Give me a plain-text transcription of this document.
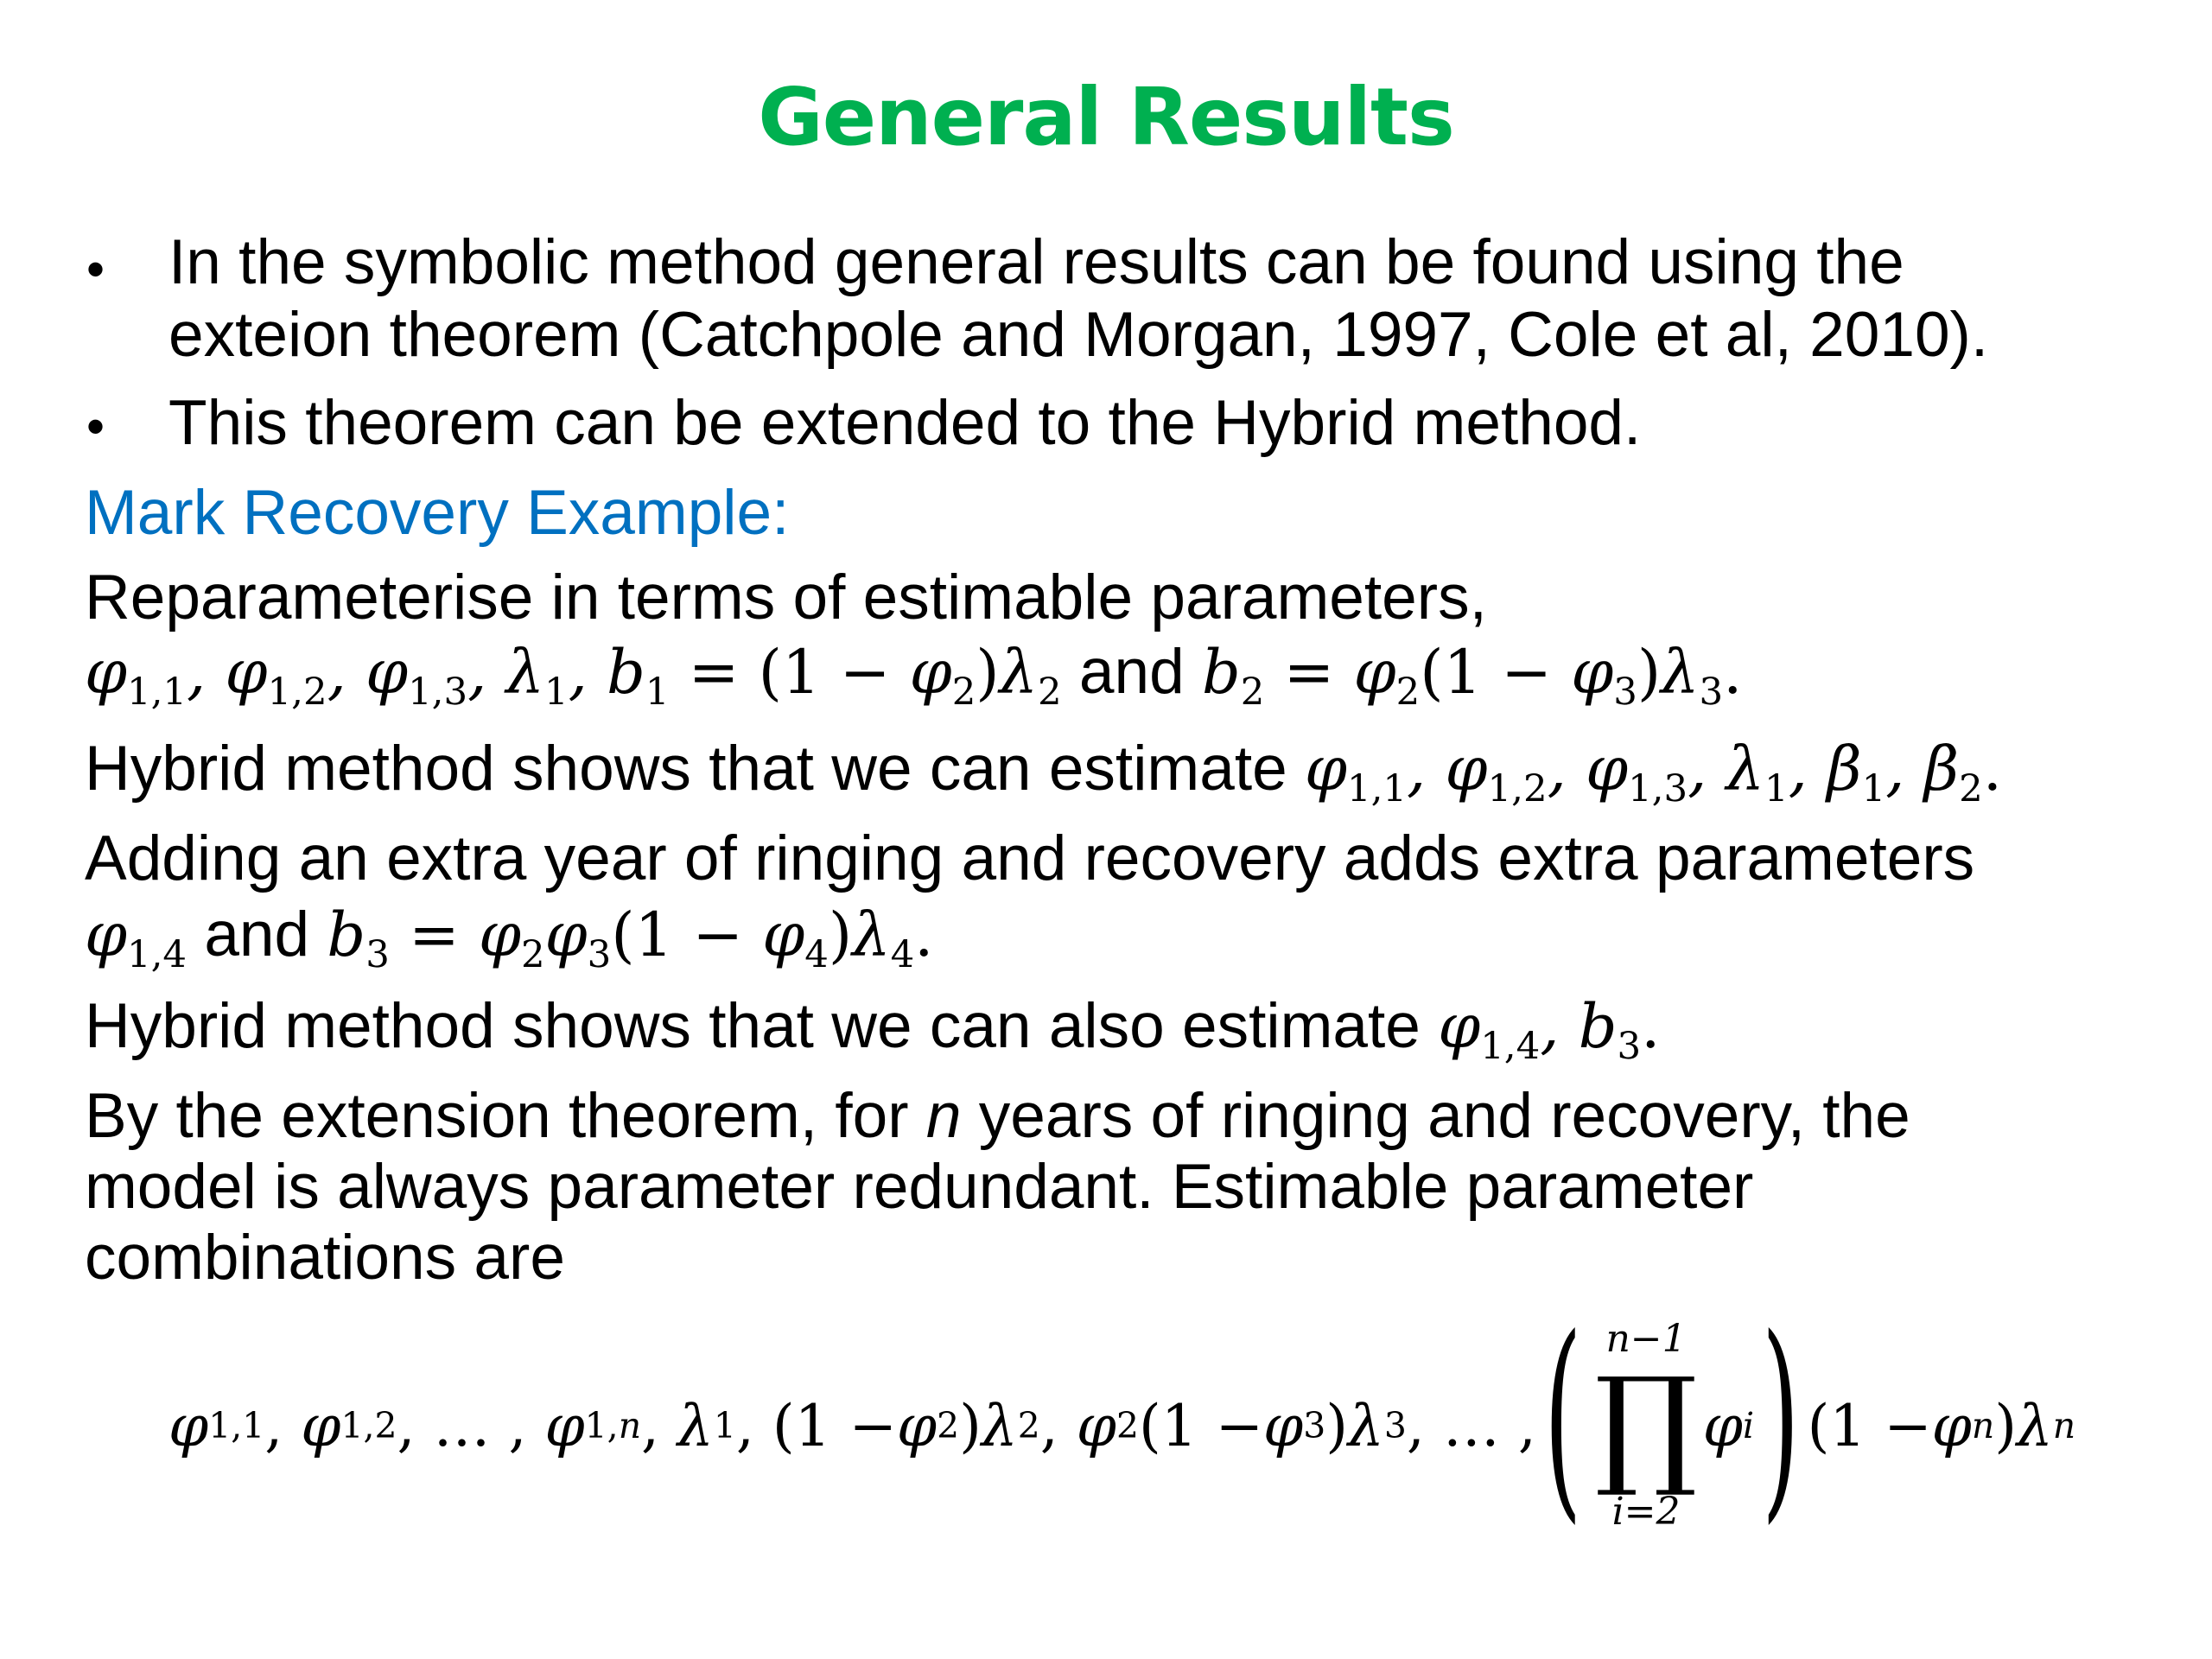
General Results
• In the symbolic method general results can be found using the
exteion theorem (Catchpole and Morgan, 1997, Cole et al, 2010).
• This theorem can be extended to the Hybrid method.
Mark Recovery Example:
Reparameterise in terms of estimable parameters,
$\varphi_{1,1}$, $\varphi_{1,2}$, $\varphi_{1,3}$, $\lambda_1$, $b_1 = (1 - \varphi_2)\lambda_2$ and $b_2 = \varphi_2(1 - \varphi_3)\lambda_3$.
Hybrid method shows that we can estimate $\varphi_{1,1}$, $\varphi_{1,2}$, $\varphi_{1,3}$, $\lambda_1$, $\beta_1$, $\beta_2$.
Adding an extra year of ringing and recovery adds extra parameters
$\varphi_{1,4}$ and $b_3 = \varphi_2\varphi_3(1 - \varphi_4)\lambda_4$.
Hybrid method shows that we can also estimate $\varphi_{1,4}$, $b_3$.
By the extension theorem, for n years of ringing and recovery, the
model is always parameter redundant. Estimable parameter
combinations are
φ 1,1 , φ 1,2 , … , φ 1,n , λ 1 , (1 − φ 2 ) λ 2 , φ 2 (1 − φ 3 ) λ 3 , … , ( n−1
∏
i=2
φ i ) (1 − φ n ) λ n
